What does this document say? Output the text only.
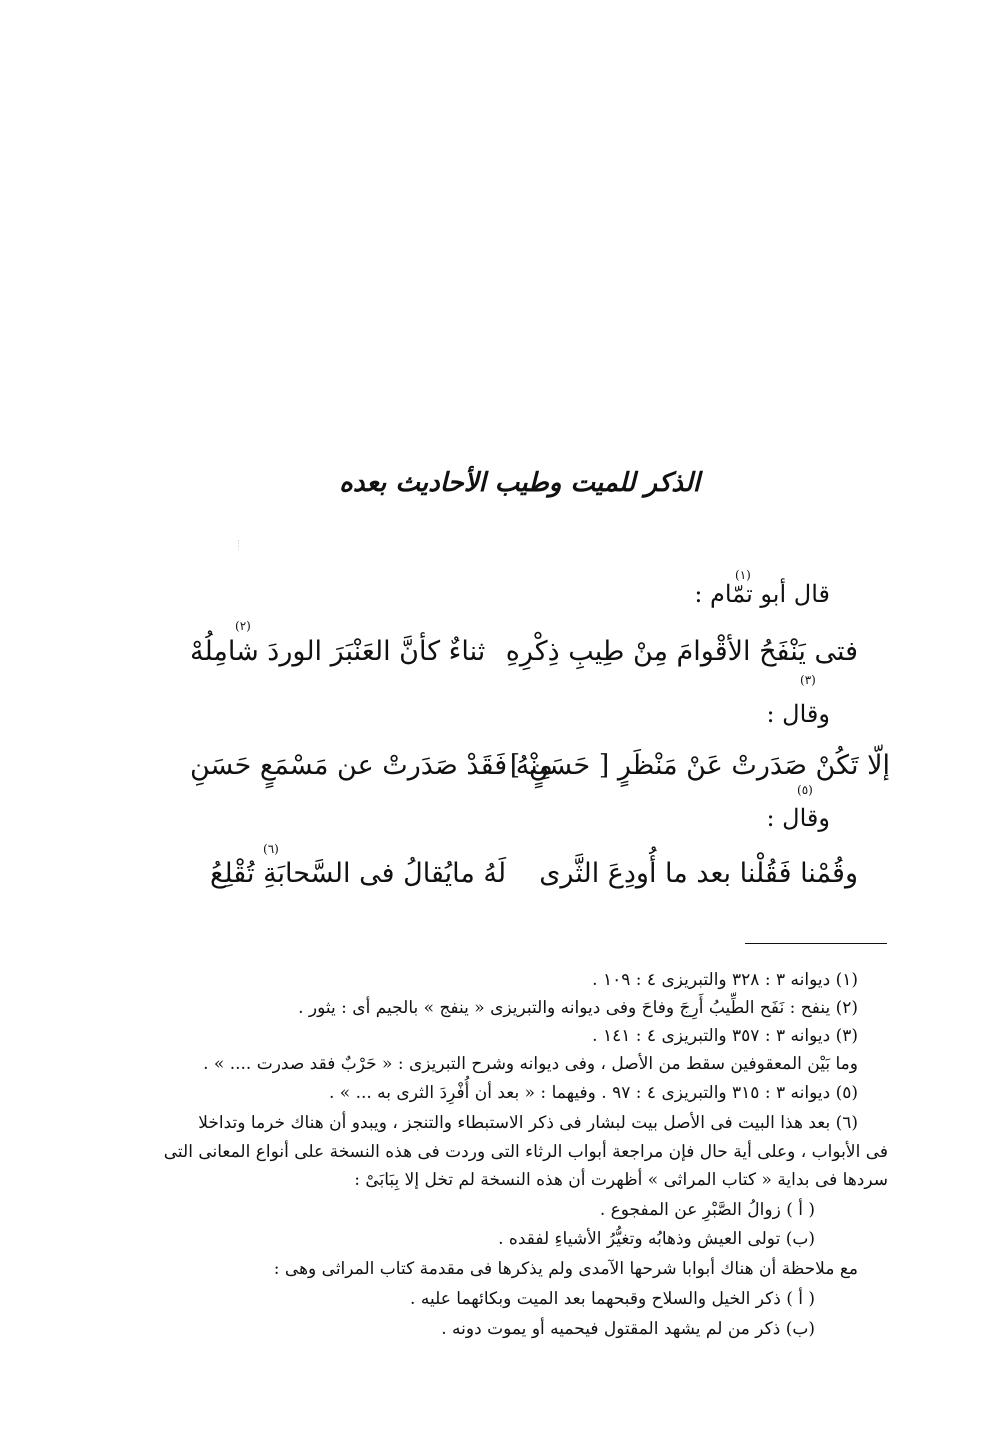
الذكر للميت وطيب الأحاديث بعده
(١)
قال أبو تمّام :
(٢)
فتى يَنْفَحُ الأقْوامَ مِنْ طِيبِ ذِكْرِهِ
ثناءٌ كأنَّ العَنْبَرَ الوردَ شامِلُهْ
(٣)
وقال :
إلّا تَكُنْ صَدَرتْ عَنْ مَنْظَرٍ [ حَسَنٍ ]
مِنْهُ فَقَدْ صَدَرتْ عن مَسْمَعٍ حَسَنِ
(٥)
وقال :
(٦)
وقُمْنا فَقُلْنا بعد ما أُودِعَ الثَّرى
لَهُ مايُقالُ فى السَّحابَةِ تُقْلِعُ
(١) ديوانه ٣ : ٣٢٨ والتبريزى ٤ : ١٠٩ .
(٢) ينفح : نَفَح الطِّيبُ أَرِجَ وفاحَ وفى ديوانه والتبريزى « ينفج » بالجيم أى : يثور .
(٣) ديوانه ٣ : ٣٥٧ والتبريزى ٤ : ١٤١ .
وما بَيْن المعقوفين سقط من الأصل ، وفى ديوانه وشرح التبريزى : « حَرْبٌ فقد صدرت .... » .
(٥) ديوانه ٣ : ٣١٥ والتبريزى ٤ : ٩٧ . وفيهما : « بعد أن أُفْرِدَ الثرى به ... » .
(٦) بعد هذا البيت فى الأصل بيت لبشار فى ذكر الاستبطاء والتنجز ، ويبدو أن هناك خرما وتداخلا
فى الأبواب ، وعلى أية حال فإن مراجعة أبواب الرثاء التى وردت فى هذه النسخة على أنواع المعانى التى
سردها فى بداية « كتاب المراثى » أظهرت أن هذه النسخة لم تخل إلا بِبَابَىْ :
( أ ) زوالُ الصَّبْرِ عن المفجوع .
(ب) تولى العيش وذهابُه وتغيُّرُ الأشياءِ لفقده .
مع ملاحظة أن هناك أبوابا شرحها الآمدى ولم يذكرها فى مقدمة كتاب المراثى وهى :
( أ ) ذكر الخيل والسلاح وقبحهما بعد الميت وبكائهما عليه .
(ب) ذكر من لم يشهد المقتول فيحميه أو يموت دونه .
